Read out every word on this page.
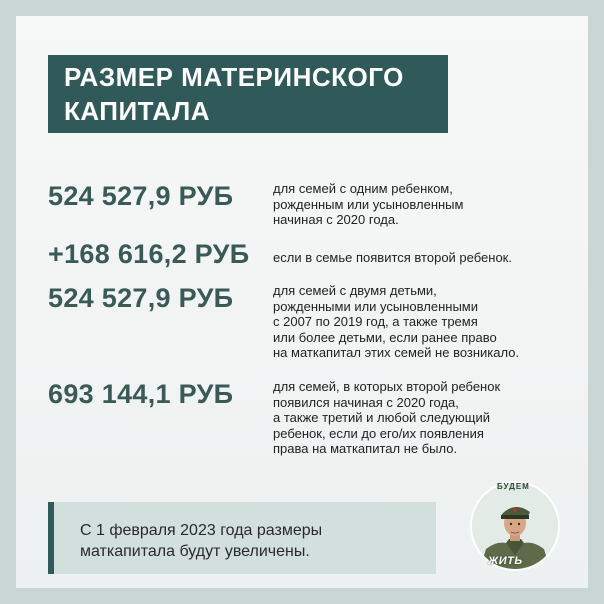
РАЗМЕР МАТЕРИНСКОГО
КАПИТАЛА
524 527,9 РУБ	для семей с одним ребенком,
рожденным или усыновленным
начиная с 2020 года.
+168 616,2 РУБ если в семье появится второй ребенок.
524 527,9 РУБ	для семей с двумя детьми,
рожденными или усыновленными
с 2007 по 2019 год, а также тремя
или более детьми, если ранее право
на маткапитал этих семей не возникало.
693 144,1 РУБ	для семей, в которых второй ребенок
появился начиная с 2020 года,
а также третий и любой следующий
ребенок, если до его/их появления
права на маткапитал не было.
С 1 февраля 2023 года размеры
маткапитала будут увеличены.
БУДЕМ
ЖИТЬ
